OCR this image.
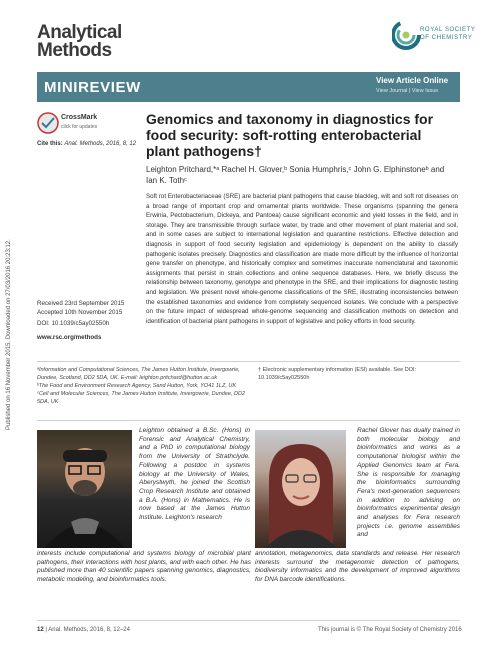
Analytical
Methods
ROYAL SOCIETY
OF CHEMISTRY
MINIREVIEW	View Article Online
View Journal | View Issue
CrossMark
click for updates
Cite this: Anal. Methods, 2016, 8, 12
Genomics and taxonomy in diagnostics for food security: soft-rotting enterobacterial plant pathogens†
Leighton Pritchard,*ᵃ Rachel H. Glover,ᵇ Sonia Humphris,ᶜ John G. Elphinstoneᵇ and Ian K. Tothᶜ
Soft rot Enterobacteriaceae (SRE) are bacterial plant pathogens that cause blackleg, wilt and soft rot diseases on a broad range of important crop and ornamental plants worldwide. These organisms (spanning the genera Erwinia, Pectobacterium, Dickeya, and Pantoea) cause significant economic and yield losses in the field, and in storage. They are transmissible through surface water, by trade and other movement of plant material and soil, and in some cases are subject to international legislation and quarantine restrictions. Effective detection and diagnosis in support of food security legislation and epidemiology is dependent on the ability to classify pathogenic isolates precisely. Diagnostics and classification are made more difficult by the influence of horizontal gene transfer on phenotype, and historically complex and sometimes inaccurate nomenclatural and taxonomic assignments that persist in strain collections and online sequence databases. Here, we briefly discuss the relationship between taxonomy, genotype and phenotype in the SRE, and their implications for diagnostic testing and legislation. We present novel whole-genome classifications of the SRE, illustrating inconsistencies between the established taxonomies and evidence from completely sequenced isolates. We conclude with a perspective on the future impact of widespread whole-genome sequencing and classification methods on detection and identification of bacterial plant pathogens in support of legislative and policy efforts in food security.
Received 23rd September 2015
Accepted 10th November 2015
DOI: 10.1039/c5ay02550h
www.rsc.org/methods
Published on 16 November 2015. Downloaded on 27/03/2016 20:23:12.	ᵃInformation and Computational Sciences, The James Hutton Institute, Invergowrie, Dundee, Scotland, DD2 5DA, UK. E-mail: leighton.pritchard@hutton.ac.uk
ᵇThe Food and Environment Research Agency, Sand Hutton, York, YO41 1LZ, UK
ᶜCell and Molecular Sciences, The James Hutton Institute, Invergowrie, Dundee, DD2 5DA, UK
† Electronic supplementary information (ESI) available. See DOI: 10.1039/c5ay02550h
Leighton obtained a B.Sc. (Hons) in Forensic and Analytical Chemistry, and a PhD in computational biology from the University of Strathclyde. Following a postdoc in systems biology at the University of Wales, Aberystwyth, he joined the Scottish Crop Research Institute and obtained a B.A. (Hons) in Mathematics. He is now based at the James Hutton Institute. Leighton's research
interests include computational and systems biology of microbial plant pathogens, their interactions with host plants, and with each other. He has published more than 40 scientific papers spanning genomics, diagnostics, metabolic modeling, and bioinformatics tools.
Rachel Glover has dually trained in both molecular biology and bioinformatics and works as a computational biologist within the Applied Genomics team at Fera. She is responsible for managing the bioinformatics surrounding Fera's next-generation sequencers in addition to advising on bioinformatics experimental design and analyses for Fera research projects i.e. genome assemblies and
annotation, metagenomics, data standards and release. Her research interests surround the metagenomic detection of pathogens, biodiversity informatics and the development of improved algorithms for DNA barcode identifications.
12 | Anal. Methods, 2016, 8, 12–24	This journal is © The Royal Society of Chemistry 2016
